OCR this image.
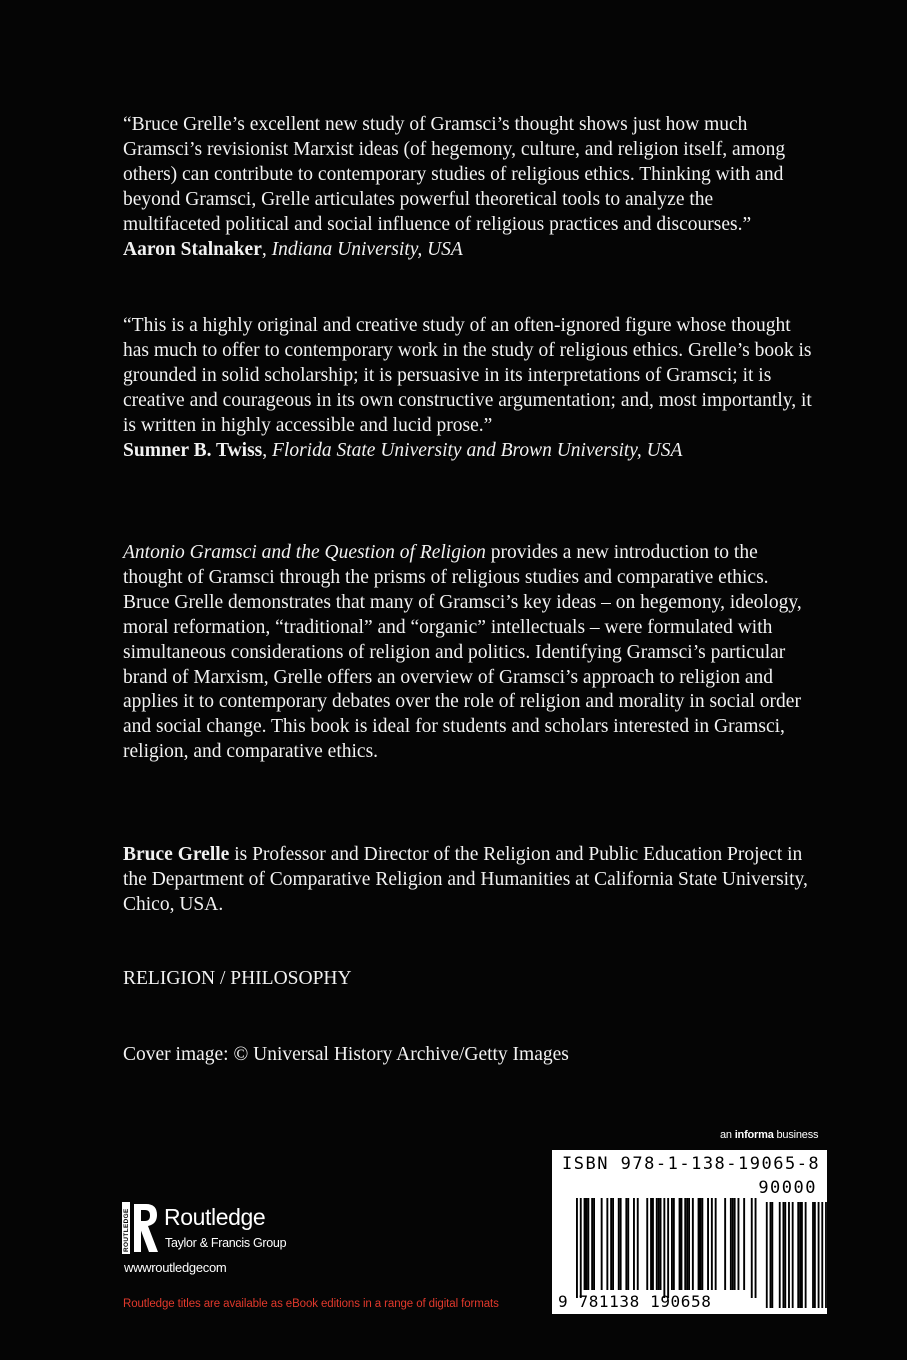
“Bruce Grelle’s excellent new study of Gramsci’s thought shows just how much Gramsci’s revisionist Marxist ideas (of hegemony, culture, and religion itself, among others) can contribute to contemporary studies of religious ethics. Thinking with and beyond Gramsci, Grelle articulates powerful theoretical tools to analyze the multifaceted political and social influence of religious practices and discourses.”
Aaron Stalnaker, Indiana University, USA

“This is a highly original and creative study of an often-ignored figure whose thought has much to offer to contemporary work in the study of religious ethics. Grelle’s book is grounded in solid scholarship; it is persuasive in its interpretations of Gramsci; it is creative and courageous in its own constructive argumentation; and, most importantly, it is written in highly accessible and lucid prose.”
Sumner B. Twiss, Florida State University and Brown University, USA

Antonio Gramsci and the Question of Religion provides a new introduction to the thought of Gramsci through the prisms of religious studies and comparative ethics. Bruce Grelle demonstrates that many of Gramsci’s key ideas – on hegemony, ideology, moral reformation, “traditional” and “organic” intellectuals – were formulated with simultaneous considerations of religion and politics. Identifying Gramsci’s particular brand of Marxism, Grelle offers an overview of Gramsci’s approach to religion and applies it to contemporary debates over the role of religion and morality in social order and social change. This book is ideal for students and scholars interested in Gramsci, religion, and comparative ethics.

Bruce Grelle is Professor and Director of the Religion and Public Education Project in the Department of Comparative Religion and Humanities at California State University, Chico, USA.

RELIGION / PHILOSOPHY
Cover image: © Universal History Archive/Getty Images
an informa business
ISBN 978-1-138-19065-8
90000
9 781138 190658
ROUTLEDGE Routledge
Taylor & Francis Group
wwwroutledgecom
Routledge titles are available as eBook editions in a range of digital formats
